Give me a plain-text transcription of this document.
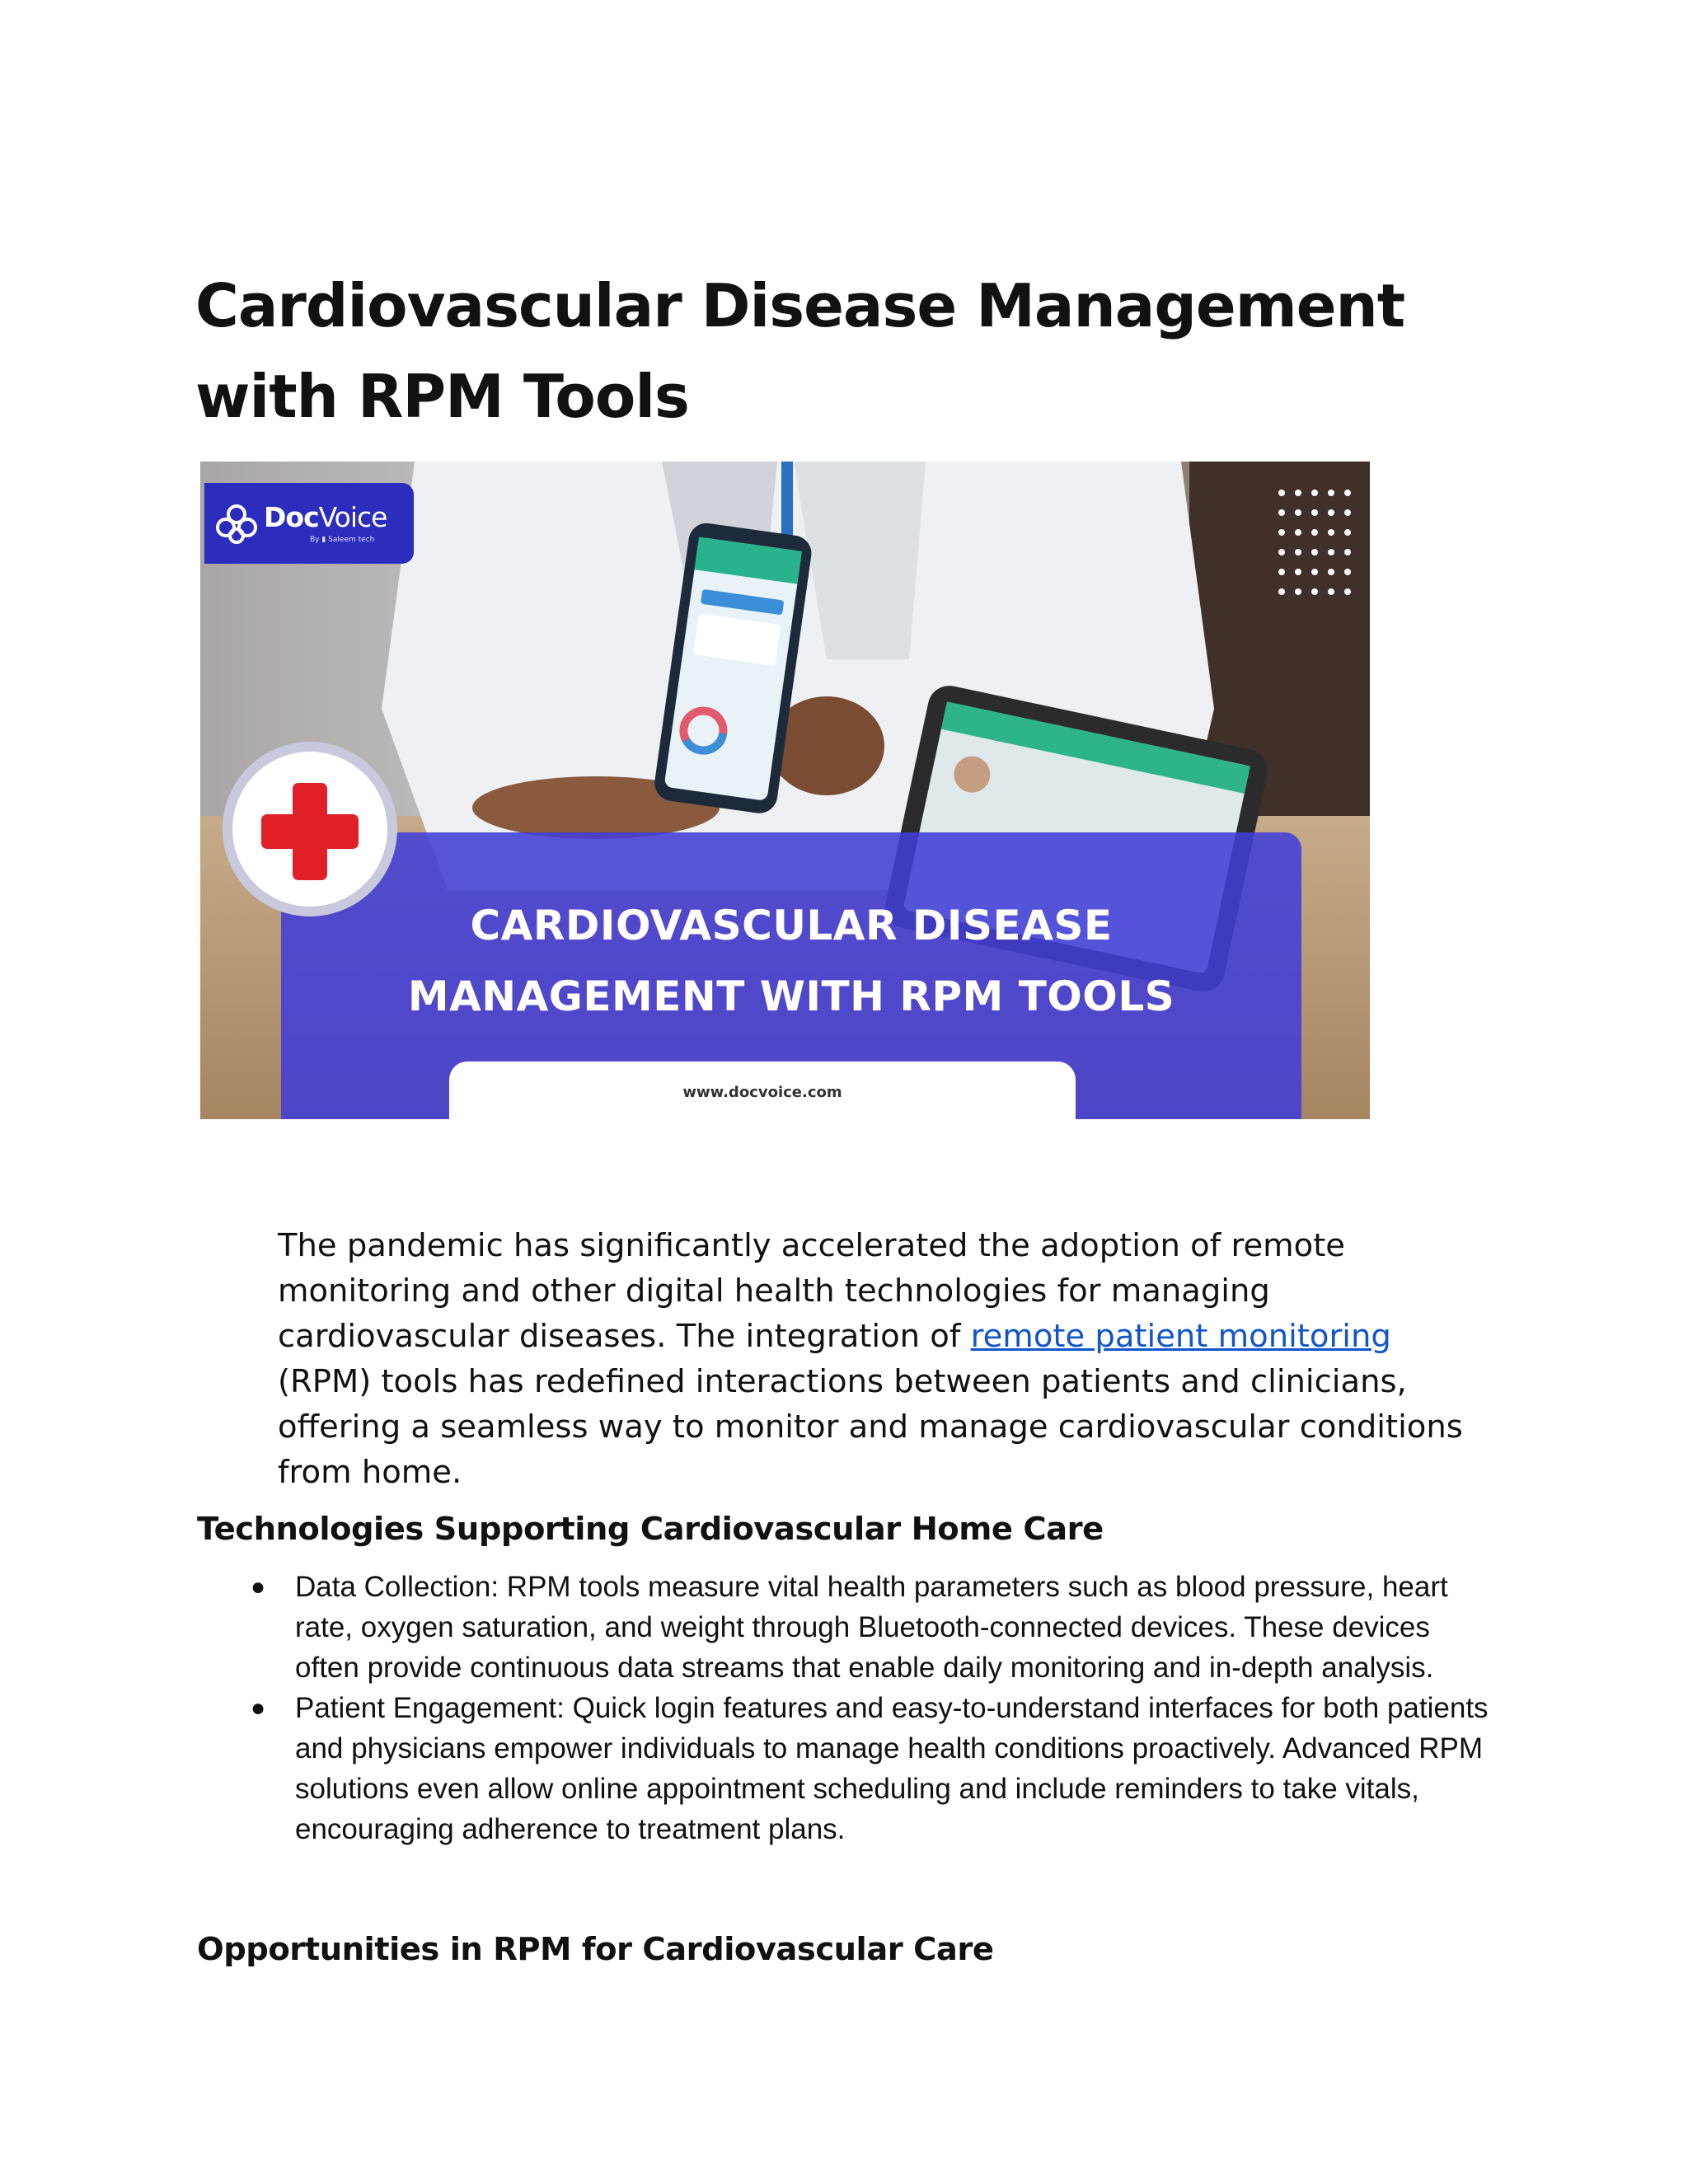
Cardiovascular Disease Management with RPM Tools
DocVoice
By ▮ Saleem tech
CARDIOVASCULAR DISEASE
MANAGEMENT WITH RPM TOOLS
www.docvoice.com

The pandemic has significantly accelerated the adoption of remote monitoring and other digital health technologies for managing cardiovascular diseases. The integration of remote patient monitoring (RPM) tools has redefined interactions between patients and clinicians, offering a seamless way to monitor and manage cardiovascular conditions from home.

Technologies Supporting Cardiovascular Home Care
● Data Collection: RPM tools measure vital health parameters such as blood pressure, heart rate, oxygen saturation, and weight through Bluetooth-connected devices. These devices often provide continuous data streams that enable daily monitoring and in-depth analysis.
● Patient Engagement: Quick login features and easy-to-understand interfaces for both patients and physicians empower individuals to manage health conditions proactively. Advanced RPM solutions even allow online appointment scheduling and include reminders to take vitals, encouraging adherence to treatment plans.
Opportunities in RPM for Cardiovascular Care
